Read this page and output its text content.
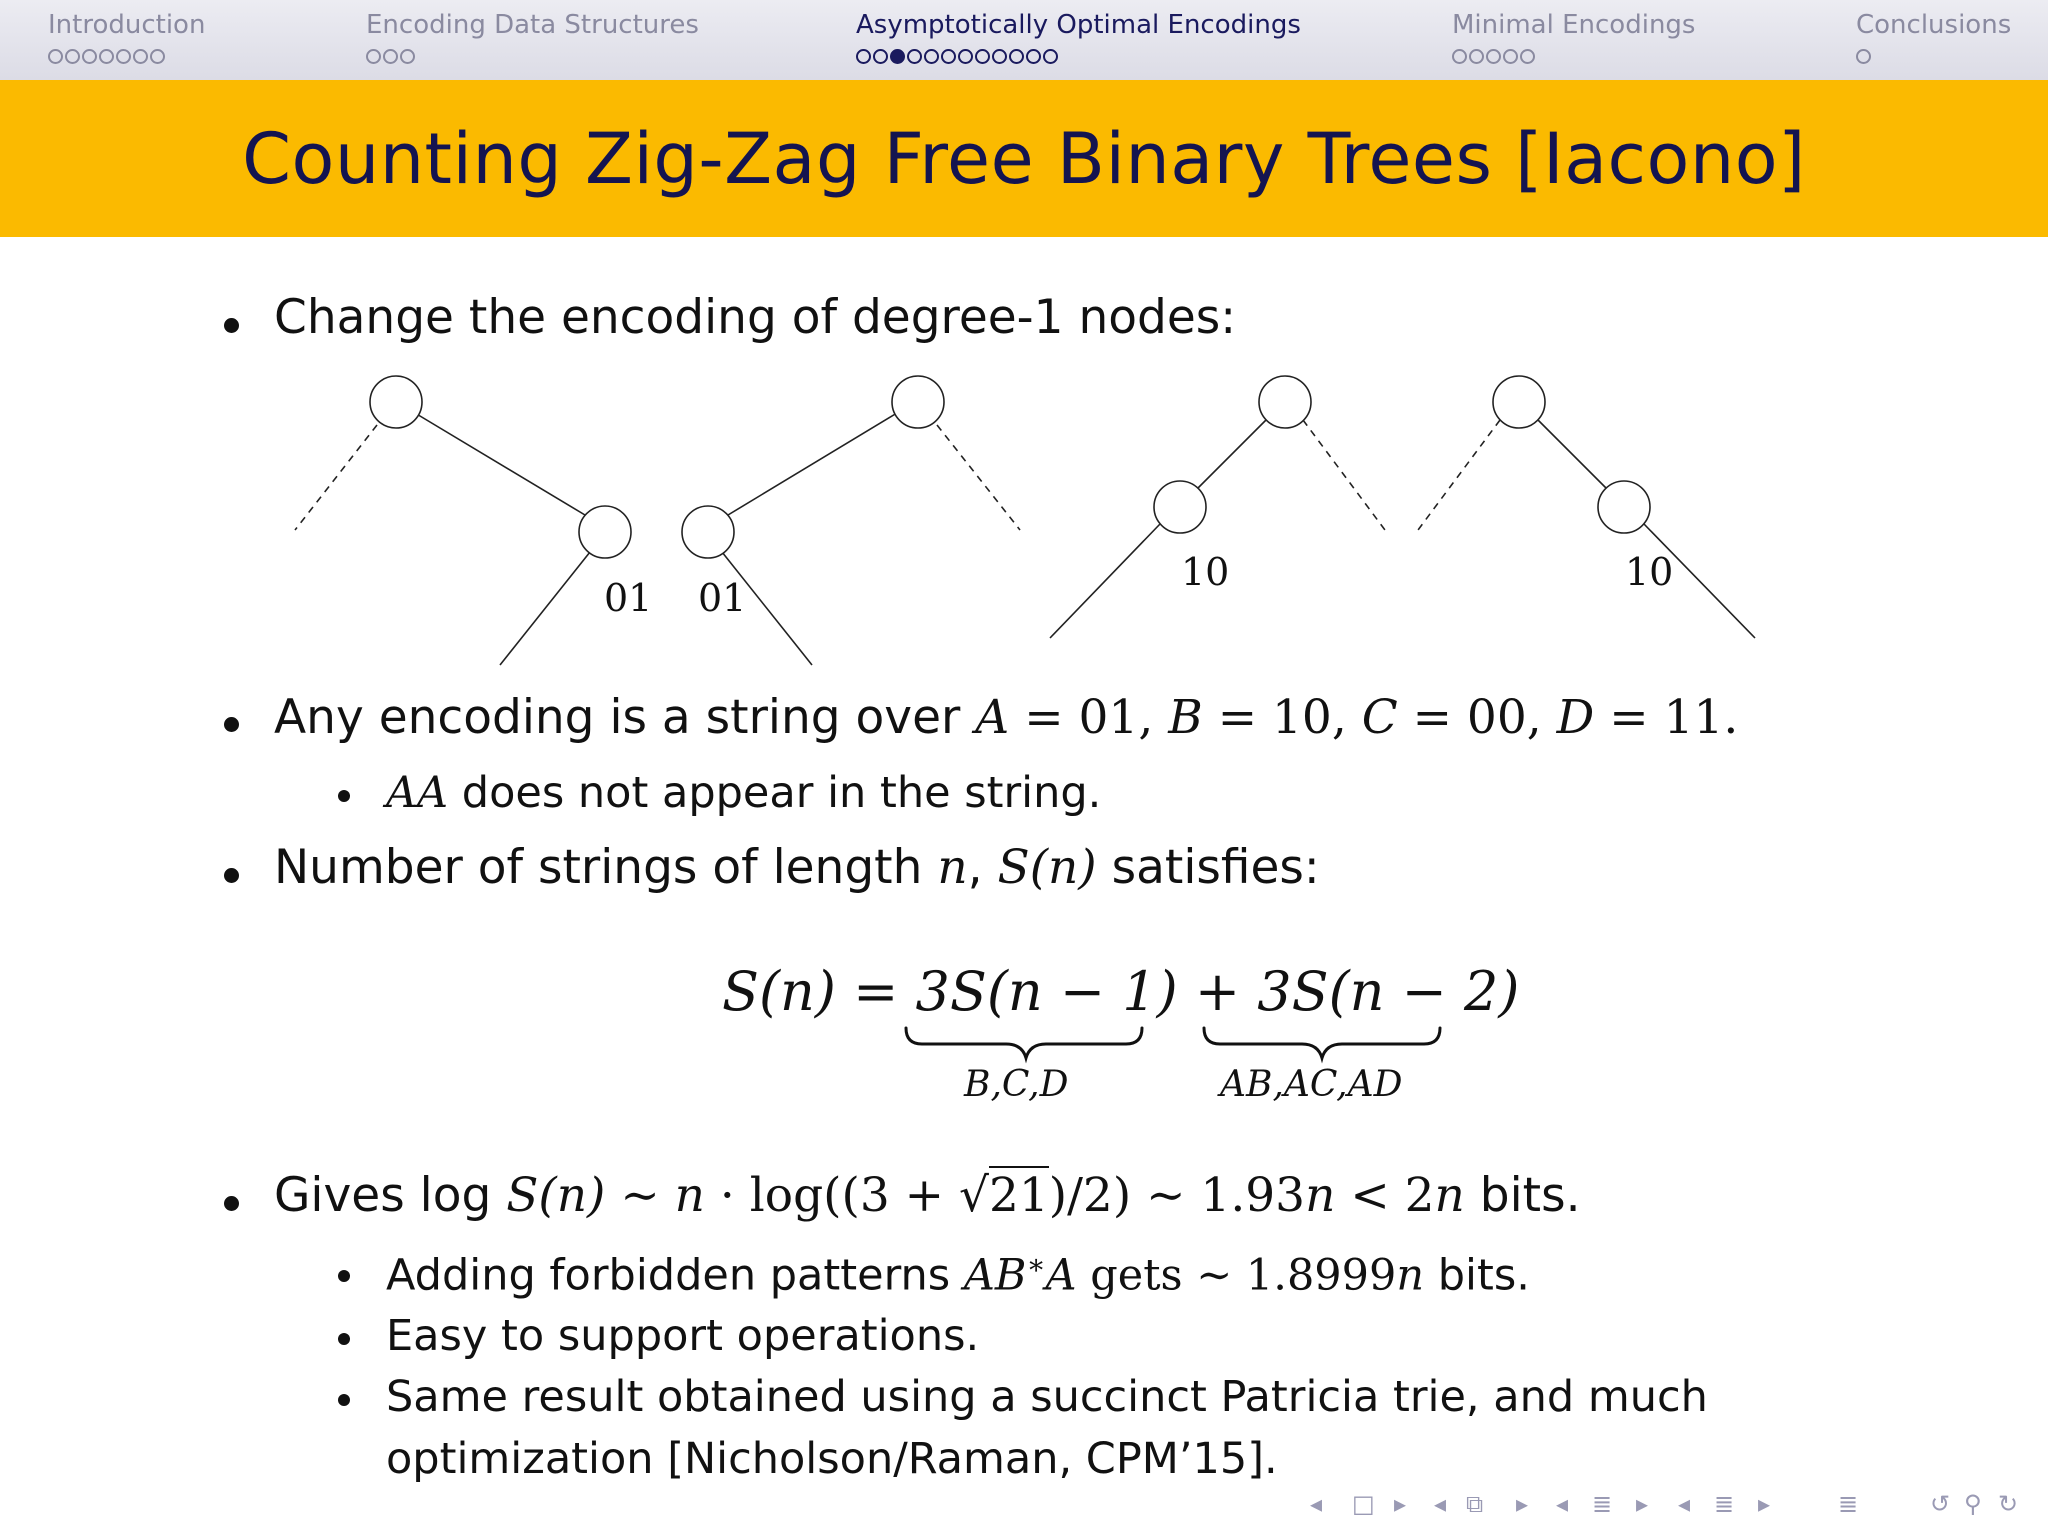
Introduction	Encoding Data Structures	Asymptotically Optimal Encodings	Minimal Encodings	Conclusions
Counting Zig-Zag Free Binary Trees [Iacono]
Change the encoding of degree-1 nodes:
01 01
10	10
Any encoding is a string over A = 01, B = 10, C = 00, D = 11.
AA does not appear in the string.
Number of strings of length n, S(n) satisfies:
S(n) = 3S(n − 1) + 3S(n − 2)
B,C,D	AB,AC,AD
Gives log S(n) ∼ n · log((3 + √21)/2) ∼ 1.93n < 2n bits.
Adding forbidden patterns AB∗A gets ∼ 1.8999n bits.
Easy to support operations.
Same result obtained using a succinct Patricia trie, and much
optimization [Nicholson/Raman, CPM’15].
◂ □ ▸ ◂ ⧉ ▸ ◂ ≣ ▸ ◂ ≣ ▸	≣	↺ ⚲ ↻
